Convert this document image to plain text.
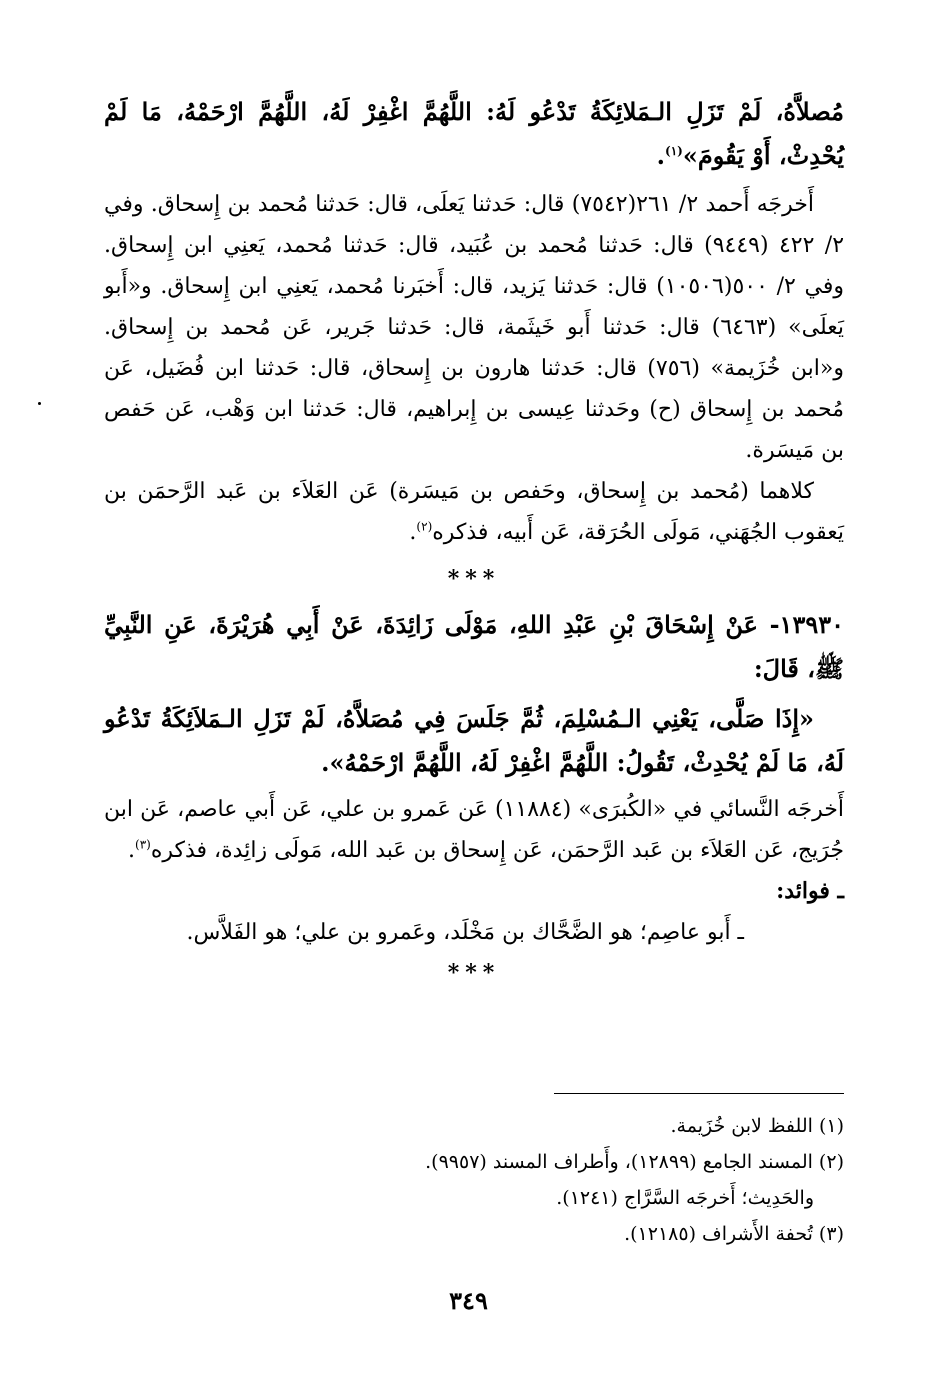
مُصلاَّهُ، لَمْ تَزَلِ الـمَلائِكَةُ تَدْعُو لَهُ: اللَّهُمَّ اغْفِرْ لَهُ، اللَّهُمَّ ارْحَمْهُ، مَا لَمْ يُحْدِثْ، أَوْ يَقُومَ»$^{(١)}$.

أَخرجَه أَحمد ٢/ ٢٦١(٧٥٤٢) قال: حَدثنا يَعلَى، قال: حَدثنا مُحمد بن إِسحاق. وفي ٢/ ٤٢٢ (٩٤٤٩) قال: حَدثنا مُحمد بن عُبَيد، قال: حَدثنا مُحمد، يَعنِي ابن إِسحاق. وفي ٢/ ٥٠٠(١٠٥٠٦) قال: حَدثنا يَزيد، قال: أَخبَرنا مُحمد، يَعنِي ابن إِسحاق. و«أَبو يَعلَى» (٦٤٦٣) قال: حَدثنا أَبو خَيثَمة، قال: حَدثنا جَرير، عَن مُحمد بن إِسحاق. و«ابن خُزَيمة» (٧٥٦) قال: حَدثنا هارون بن إِسحاق، قال: حَدثنا ابن فُضَيل، عَن مُحمد بن إِسحاق (ح) وحَدثنا عِيسى بن إِبراهيم، قال: حَدثنا ابن وَهْب، عَن حَفص بن مَيسَرة.

كلاهما (مُحمد بن إِسحاق، وحَفص بن مَيسَرة) عَن العَلاَء بن عَبد الرَّحمَن بن يَعقوب الجُهَني، مَولَى الحُرَقة، عَن أَبيه، فذكره$^{(٢)}$.

***

١٣٩٣٠- عَنْ إِسْحَاقَ بْنِ عَبْدِ اللهِ، مَوْلَى زَائِدَةَ، عَنْ أَبِي هُرَيْرَةَ، عَنِ النَّبِيِّ ﷺ، قَالَ:

«إِذَا صَلَّى، يَعْنِي الـمُسْلِمَ، ثُمَّ جَلَسَ فِي مُصَلاَّهُ، لَمْ تَزَلِ الـمَلاَئِكَةُ تَدْعُو لَهُ، مَا لَمْ يُحْدِثْ، تَقُولُ: اللَّهُمَّ اغْفِرْ لَهُ، اللَّهُمَّ ارْحَمْهُ».

أَخرجَه النَّسائي في «الكُبرَى» (١١٨٨٤) عَن عَمرو بن علي، عَن أَبي عاصم، عَن ابن جُرَيج، عَن العَلاَء بن عَبد الرَّحمَن، عَن إِسحاق بن عَبد الله، مَولَى زائِدة، فذكره$^{(٣)}$.

ـ فوائد:

ـ أَبو عاصِم؛ هو الضَّحَّاك بن مَخْلَد، وعَمرو بن علي؛ هو الفَلاَّس.

***

(١) اللفظ لابن خُزَيمة.

(٢) المسند الجامع (١٢٨٩٩)، وأَطراف المسند (٩٩٥٧).

والحَدِيث؛ أَخرجَه السَّرَّاج (١٢٤١).

(٣) تُحفة الأَشراف (١٢١٨٥).

٣٤٩
